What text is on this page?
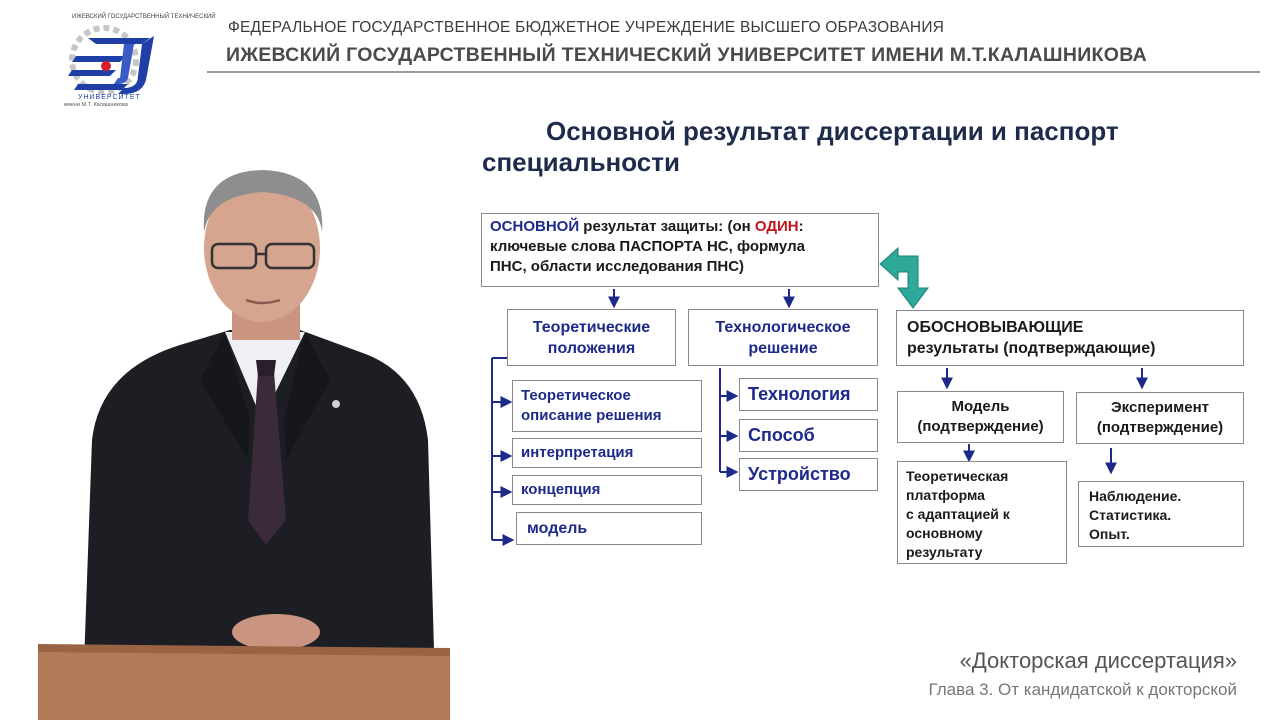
ИЖЕВСКИЙ ГОСУДАРСТВЕННЫЙ ТЕХНИЧЕСКИЙ
УНИВЕРСИТЕТ
имени М.Т. Калашникова
ФЕДЕРАЛЬНОЕ ГОСУДАРСТВЕННОЕ БЮДЖЕТНОЕ УЧРЕЖДЕНИЕ ВЫСШЕГО ОБРАЗОВАНИЯ
ИЖЕВСКИЙ ГОСУДАРСТВЕННЫЙ ТЕХНИЧЕСКИЙ УНИВЕРСИТЕТ ИМЕНИ М.Т.КАЛАШНИКОВА
Основной результат диссертации и паспорт
специальности
ОСНОВНОЙ результат защиты: (он ОДИН:
ключевые слова ПАСПОРТА НС, формула
ПНС, области исследования ПНС)
Теоретические положения
Технологическое решение
ОБОСНОВЫВАЮЩИЕ
результаты (подтверждающие)
Теоретическое описание решения
интерпретация
концепция
модель
Технология
Способ
Устройство
Модель (подтверждение)
Эксперимент (подтверждение)
Теоретическая
платформа
с адаптацией к
основному
результату
Наблюдение.
Статистика.
Опыт.
«Докторская диссертация»
Глава 3. От кандидатской к докторской
